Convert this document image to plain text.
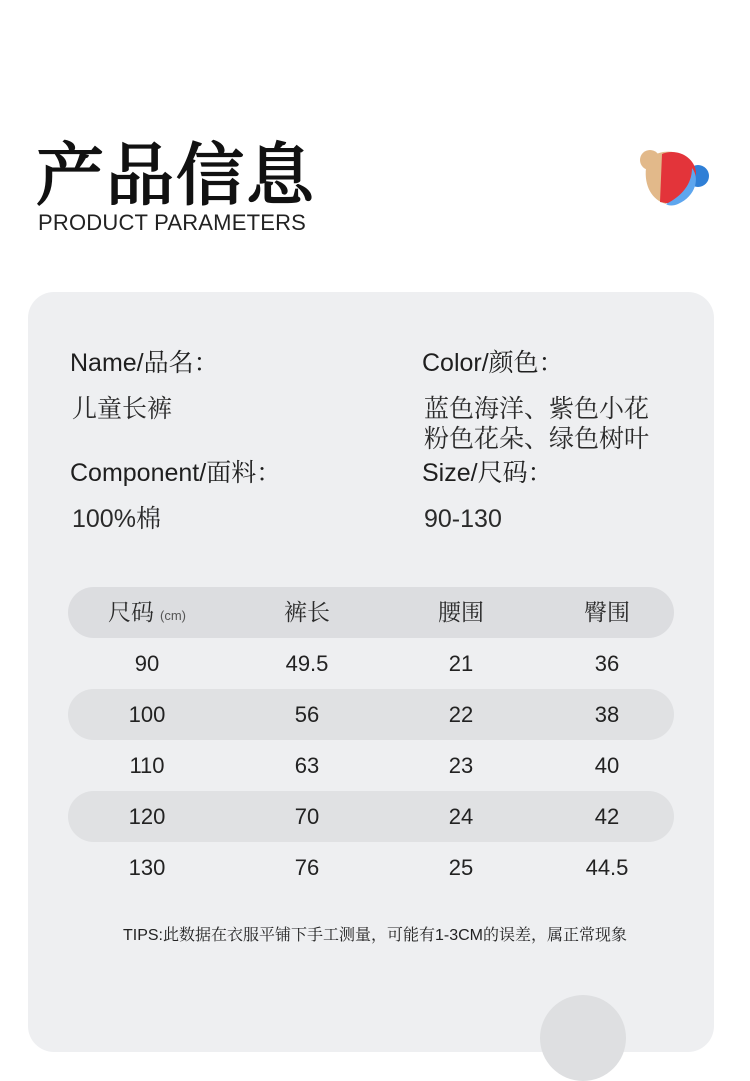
产品信息
PRODUCT PARAMETERS
Name/品名：
儿童长裤
Color/颜色：
蓝色海洋、紫色小花
粉色花朵、绿色树叶
Component/面料：
100%棉
Size/尺码：
90-130
尺码 (cm)	裤长	腰围	臀围
90	49.5	21	36
100	56	22	38
110	63	23	40
120	70	24	42
130	76	25	44.5
TIPS:此数据在衣服平铺下手工测量，可能有1-3CM的误差，属正常现象
